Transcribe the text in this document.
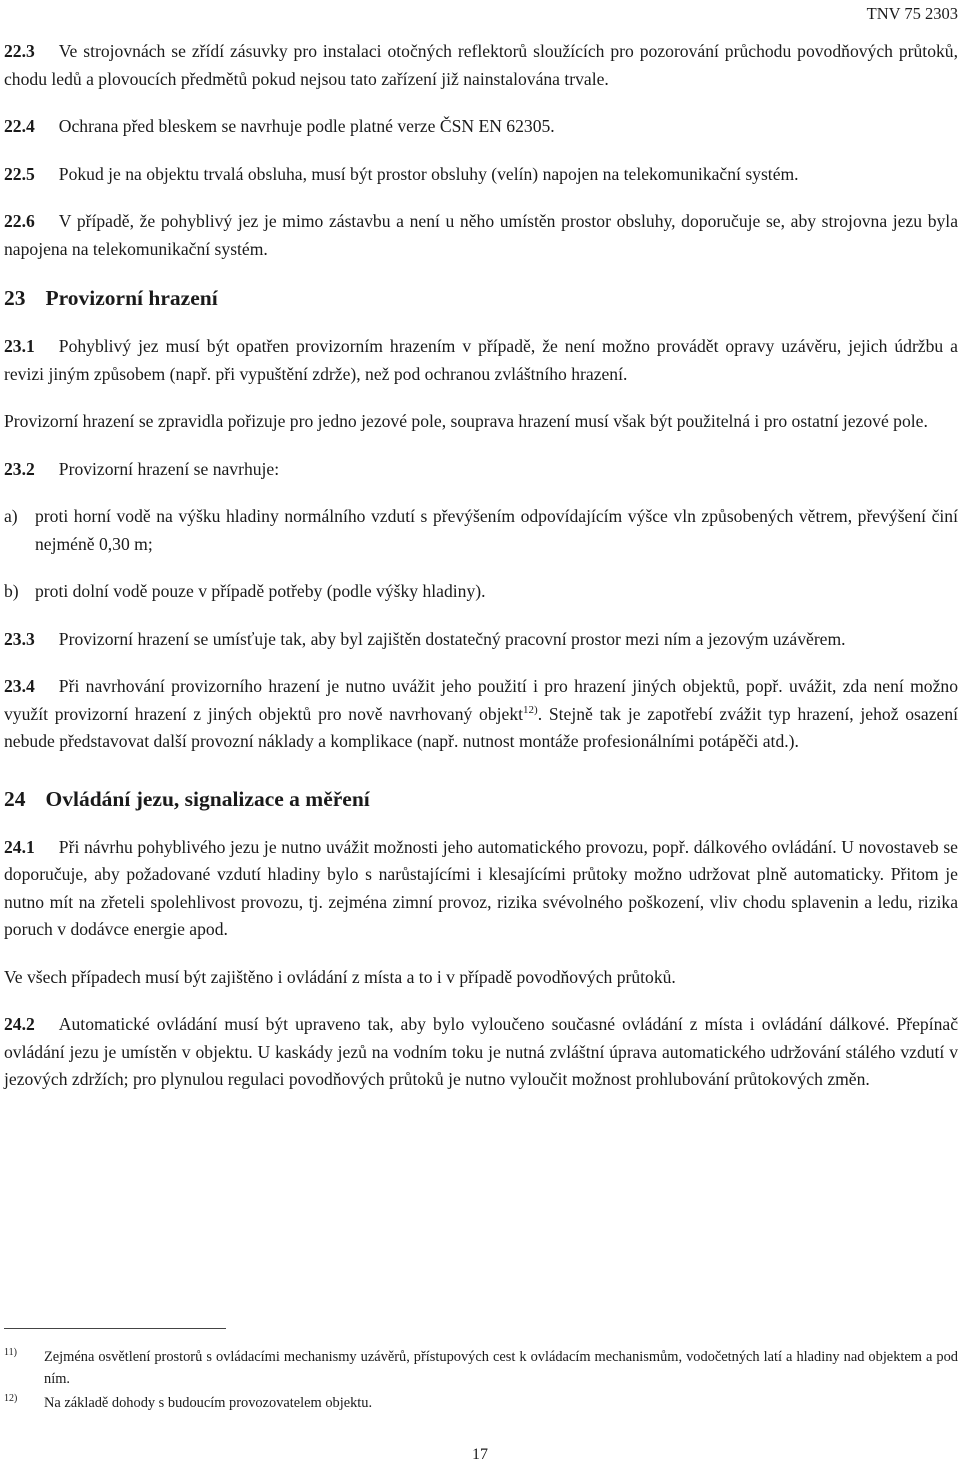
TNV 75 2303

22.3 Ve strojovnách se zřídí zásuvky pro instalaci otočných reflektorů sloužících pro pozorování průchodu povodňových průtoků, chodu ledů a plovoucích předmětů pokud nejsou tato zařízení již nainstalována trvale.

22.4 Ochrana před bleskem se navrhuje podle platné verze ČSN EN 62305.

22.5 Pokud je na objektu trvalá obsluha, musí být prostor obsluhy (velín) napojen na telekomunikační systém.

22.6 V případě, že pohyblivý jez je mimo zástavbu a není u něho umístěn prostor obsluhy, doporučuje se, aby strojovna jezu byla napojena na telekomunikační systém.

23 Provizorní hrazení

23.1 Pohyblivý jez musí být opatřen provizorním hrazením v případě, že není možno provádět opravy uzávěru, jejich údržbu a revizi jiným způsobem (např. při vypuštění zdrže), než pod ochranou zvláštního hrazení.

Provizorní hrazení se zpravidla pořizuje pro jedno jezové pole, souprava hrazení musí však být použitelná i pro ostatní jezové pole.

23.2 Provizorní hrazení se navrhuje:

a) proti horní vodě na výšku hladiny normálního vzdutí s převýšením odpovídajícím výšce vln způsobených větrem, převýšení činí nejméně 0,30 m;
b) proti dolní vodě pouze v případě potřeby (podle výšky hladiny).

23.3 Provizorní hrazení se umísťuje tak, aby byl zajištěn dostatečný pracovní prostor mezi ním a jezovým uzávěrem.

23.4 Při navrhování provizorního hrazení je nutno uvážit jeho použití i pro hrazení jiných objektů, popř. uvážit, zda není možno využít provizorní hrazení z jiných objektů pro nově navrhovaný objekt$^{12)}$. Stejně tak je zapotřebí zvážit typ hrazení, jehož osazení nebude představovat další provozní náklady a komplikace (např. nutnost montáže profesionálními potápěči atd.).

24 Ovládání jezu, signalizace a měření

24.1 Při návrhu pohyblivého jezu je nutno uvážit možnosti jeho automatického provozu, popř. dálkového ovládání. U novostaveb se doporučuje, aby požadované vzdutí hladiny bylo s narůstajícími i klesajícími průtoky možno udržovat plně automaticky. Přitom je nutno mít na zřeteli spolehlivost provozu, tj. zejména zimní provoz, rizika svévolného poškození, vliv chodu splavenin a ledu, rizika poruch v dodávce energie apod.

Ve všech případech musí být zajištěno i ovládání z místa a to i v případě povodňových průtoků.

24.2 Automatické ovládání musí být upraveno tak, aby bylo vyloučeno současné ovládání z místa i ovládání dálkové. Přepínač ovládání jezu je umístěn v objektu. U kaskády jezů na vodním toku je nutná zvláštní úprava automatického udržování stálého vzdutí v jezových zdržích; pro plynulou regulaci povodňových průtoků je nutno vyloučit možnost prohlubování průtokových změn.

11)	Zejména osvětlení prostorů s ovládacími mechanismy uzávěrů, přístupových cest k ovládacím mechanismům, vodočetných latí a hladiny nad objektem a pod ním.
12)	Na základě dohody s budoucím provozovatelem objektu.
17
